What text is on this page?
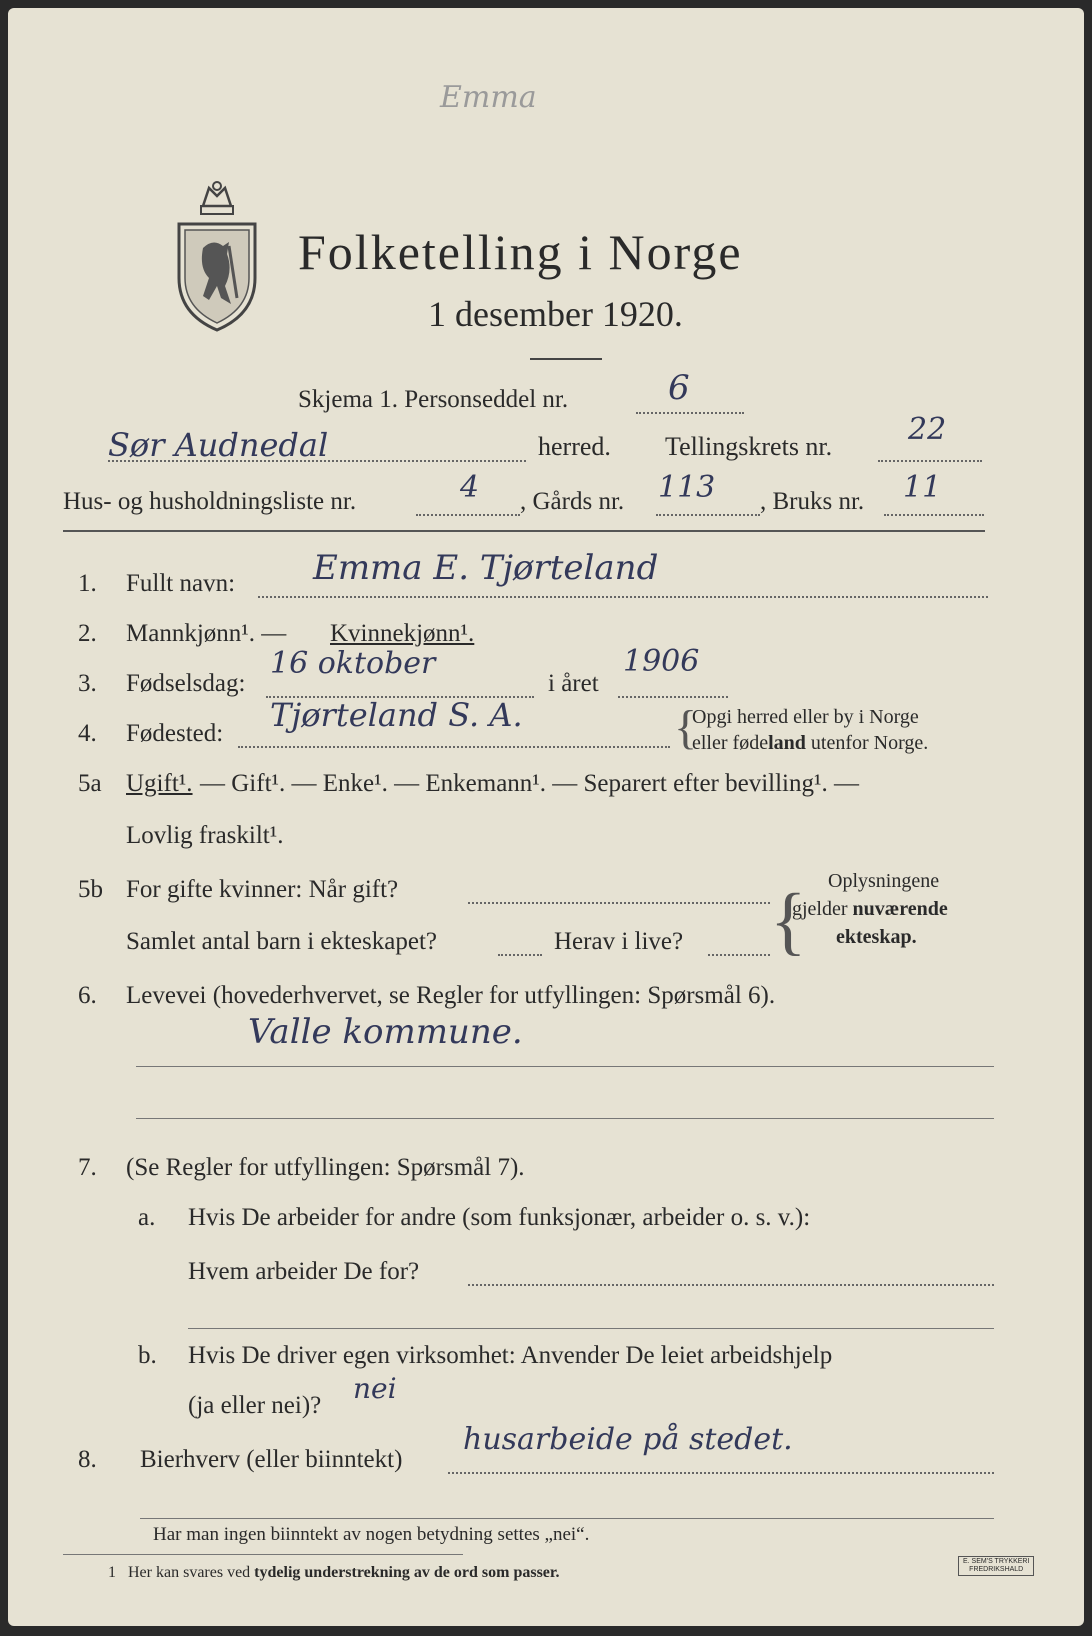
Emma
Folketelling i Norge
1 desember 1920.
Skjema 1. Personseddel nr.	6
Sør Audnedal	herred. Tellingskrets nr.	22
Hus- og husholdningsliste nr.	4 , Gårds nr. 113 , Bruks nr. 11
1. Fullt navn: Emma E. Tjørteland
2. Mannkjønn¹. — Kvinnekjønn¹.
3. Fødselsdag:
16 oktober
i året
1906
4. Fødested: Tjørteland S. A.	{
Opgi herred eller by i Norge
eller fødeland utenfor Norge.
5a Ugift¹. — Gift¹. — Enke¹. — Enkemann¹. — Separert efter bevilling¹. —
Lovlig fraskilt¹.
5b For gifte kvinner: Når gift?
Samlet antal barn i ekteskapet?	Herav i live? { Oplysningene
gjelder nuværende
ekteskap.
6. Levevei (hovederhvervet, se Regler for utfyllingen: Spørsmål 6).
Valle kommune.
7. (Se Regler for utfyllingen: Spørsmål 7).
a. Hvis De arbeider for andre (som funksjonær, arbeider o. s. v.):
Hvem arbeider De for?
b. Hvis De driver egen virksomhet: Anvender De leiet arbeidshjelp
(ja eller nei)?
nei
8. Bierhverv (eller biinntekt)
husarbeide på stedet.
Har man ingen biinntekt av nogen betydning settes „nei“.
1 Her kan svares ved tydelig understrekning av de ord som passer.
E. SEM'S TRYKKERI
FREDRIKSHALD
